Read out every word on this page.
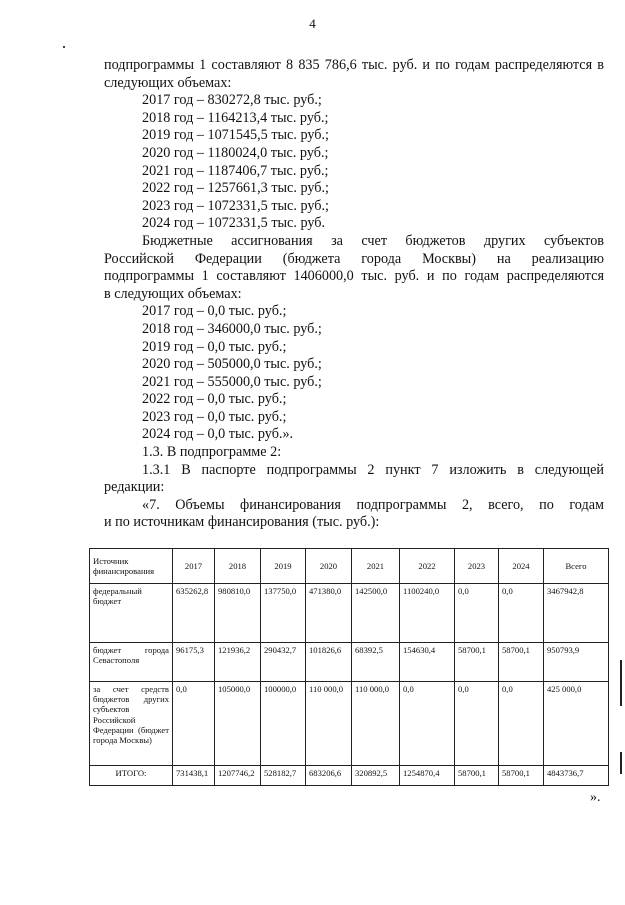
4

подпрограммы 1 составляют 8 835 786,6 тыс. руб. и по годам распределяются в следующих объемах:

2017 год – 830272,8 тыс. руб.;

2018 год – 1164213,4 тыс. руб.;

2019 год – 1071545,5 тыс. руб.;

2020 год – 1180024,0 тыс. руб.;

2021 год – 1187406,7 тыс. руб.;

2022 год – 1257661,3 тыс. руб.;

2023 год – 1072331,5 тыс. руб.;

2024 год – 1072331,5 тыс. руб.

Бюджетные ассигнования за счет бюджетов других субъектов

Российской Федерации (бюджета города Москвы) на реализацию

подпрограммы 1 составляют 1406000,0 тыс. руб. и по годам распределяются

в следующих объемах:

2017 год – 0,0 тыс. руб.;

2018 год – 346000,0 тыс. руб.;

2019 год – 0,0 тыс. руб.;

2020 год – 505000,0 тыс. руб.;

2021 год – 555000,0 тыс. руб.;

2022 год – 0,0 тыс. руб.;

2023 год – 0,0 тыс. руб.;

2024 год – 0,0 тыс. руб.».

1.3. В подпрограмме 2:

1.3.1 В паспорте подпрограммы 2 пункт 7 изложить в следующей

редакции:

«7. Объемы финансирования подпрограммы 2, всего, по годам

и по источникам финансирования (тыс. руб.):

Источник финансирования	2017	2018	2019	2020	2021	2022	2023	2024	Всего
федеральный бюджет	635262,8	980810,0	137750,0	471380,0	142500,0	1100240,0	0,0	0,0	3467942,8
бюджет города Севастополя	96175,3	121936,2	290432,7	101826,6	68392,5	154630,4	58700,1	58700,1	950793,9
за счет средств бюджетов других субъектов Российской Федерации (бюджет города Москвы)	0,0	105000,0	100000,0	110 000,0	110 000,0	0,0	0,0	0,0	425 000,0
ИТОГО:	731438,1	1207746,2	528182,7	683206,6	320892,5	1254870,4	58700,1	58700,1	4843736,7
».
